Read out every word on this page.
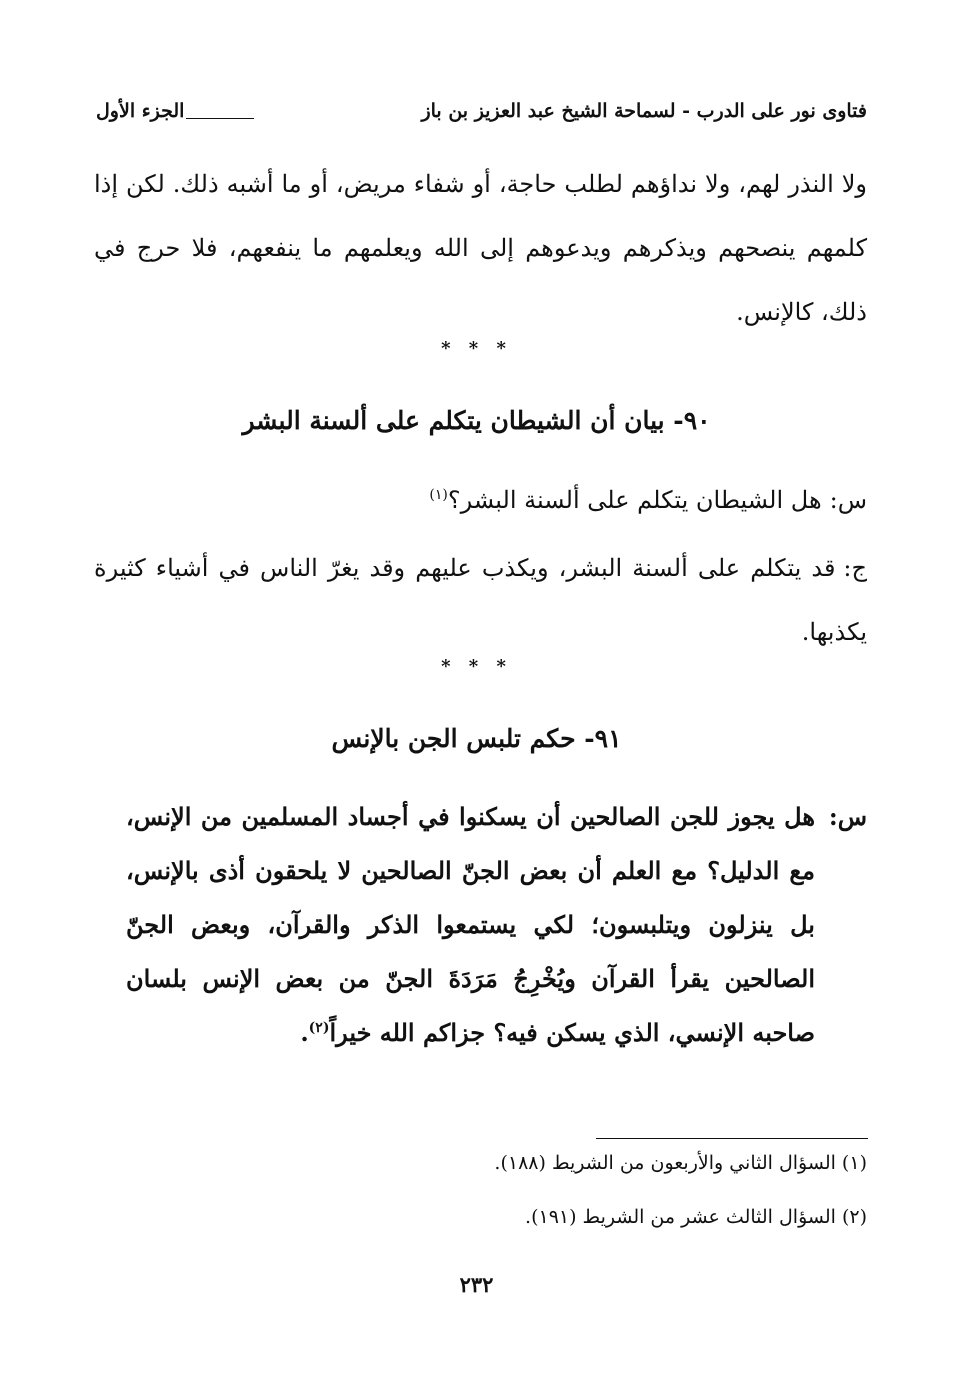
فتاوى نور على الدرب - لسماحة الشيخ عبد العزيز بن باز
الجزء الأول

ولا النذر لهم، ولا نداؤهم لطلب حاجة، أو شفاء مريض، أو ما أشبه ذلك. لكن إذا كلمهم ينصحهم ويذكرهم ويدعوهم إلى الله ويعلمهم ما ينفعهم، فلا حرج في ذلك، كالإنس.

* * *
٩٠- بيان أن الشيطان يتكلم على ألسنة البشر
س:هل الشيطان يتكلم على ألسنة البشر؟$^{(١)}$
ج:قد يتكلم على ألسنة البشر، ويكذب عليهم وقد يغرّ الناس في أشياء كثيرة يكذبها.
* * *
٩١- حكم تلبس الجن بالإنس
س:
هل يجوز للجن الصالحين أن يسكنوا في أجساد المسلمين من الإنس، مع الدليل؟ مع العلم أن بعض الجنّ الصالحين لا يلحقون أذى بالإنس، بل ينزلون ويتلبسون؛ لكي يستمعوا الذكر والقرآن، وبعض الجنّ الصالحين يقرأ القرآن ويُخْرِجُ مَرَدَةَ الجنّ من بعض الإنس بلسان صاحبه الإنسي، الذي يسكن فيه؟ جزاكم الله خيراً$^{(٢)}$.
(١) السؤال الثاني والأربعون من الشريط (١٨٨).
(٢) السؤال الثالث عشر من الشريط (١٩١).
٢٣٢
